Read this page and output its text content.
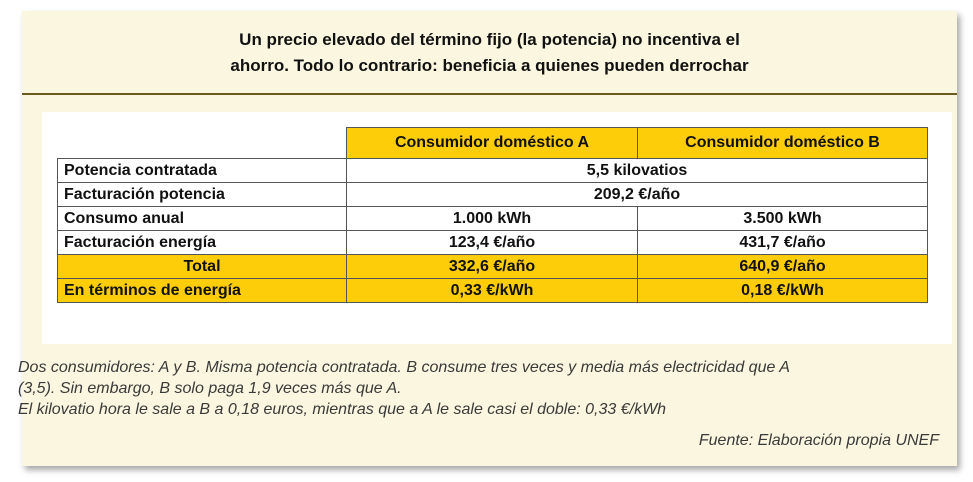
Un precio elevado del término fijo (la potencia) no incentiva el
ahorro. Todo lo contrario: beneficia a quienes pueden derrochar
	Consumidor doméstico A	Consumidor doméstico B
Potencia contratada	5,5 kilovatios	
Facturación potencia	209,2 €/año	
Consumo anual	1.000 kWh	3.500 kWh
Facturación energía	123,4 €/año	431,7 €/año
Total	332,6 €/año	640,9 €/año
En términos de energía	0,33 €/kWh	0,18 €/kWh
Dos consumidores: A y B. Misma potencia contratada. B consume tres veces y media más electricidad que A
(3,5). Sin embargo, B solo paga 1,9 veces más que A.
El kilovatio hora le sale a B a 0,18 euros, mientras que a A le sale casi el doble: 0,33 €/kWh
Fuente: Elaboración propia UNEF
